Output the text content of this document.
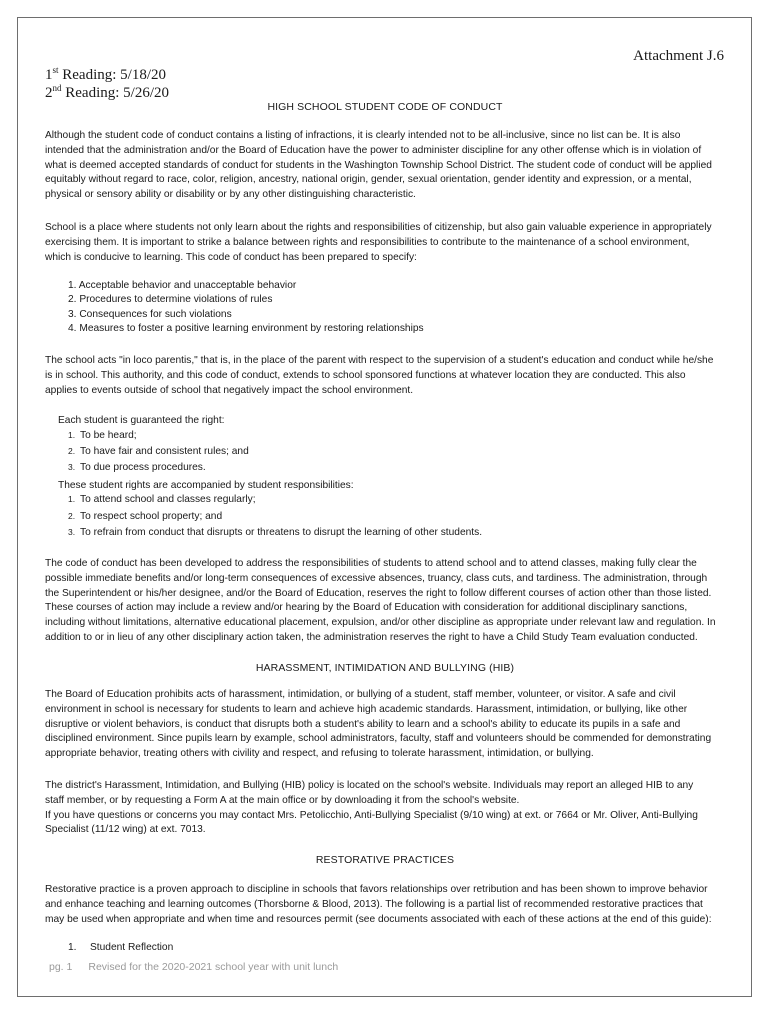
Attachment J.6
1st Reading: 5/18/20
2nd Reading: 5/26/20
HIGH SCHOOL STUDENT CODE OF CONDUCT
Although the student code of conduct contains a listing of infractions, it is clearly intended not to be all-inclusive, since no list can be. It is also
intended that the administration and/or the Board of Education have the power to administer discipline for any other offense which is in violation of
what is deemed accepted standards of conduct for students in the Washington Township School District. The student code of conduct will be applied
equitably without regard to race, color, religion, ancestry, national origin, gender, sexual orientation, gender identity and expression, or a mental,
physical or sensory ability or disability or by any other distinguishing characteristic.
School is a place where students not only learn about the rights and responsibilities of citizenship, but also gain valuable experience in appropriately
exercising them. It is important to strike a balance between rights and responsibilities to contribute to the maintenance of a school environment,
which is conducive to learning. This code of conduct has been prepared to specify:
1. Acceptable behavior and unacceptable behavior
2. Procedures to determine violations of rules
3. Consequences for such violations
4. Measures to foster a positive learning environment by restoring relationships
The school acts "in loco parentis," that is, in the place of the parent with respect to the supervision of a student's education and conduct while he/she
is in school. This authority, and this code of conduct, extends to school sponsored functions at whatever location they are conducted. This also
applies to events outside of school that negatively impact the school environment.
Each student is guaranteed the right:
1. To be heard;
2. To have fair and consistent rules; and
3. To due process procedures.
These student rights are accompanied by student responsibilities:
1. To attend school and classes regularly;
2. To respect school property; and
3. To refrain from conduct that disrupts or threatens to disrupt the learning of other students.
The code of conduct has been developed to address the responsibilities of students to attend school and to attend classes, making fully clear the
possible immediate benefits and/or long-term consequences of excessive absences, truancy, class cuts, and tardiness. The administration, through
the Superintendent or his/her designee, and/or the Board of Education, reserves the right to follow different courses of action other than those listed.
These courses of action may include a review and/or hearing by the Board of Education with consideration for additional disciplinary sanctions,
including without limitations, alternative educational placement, expulsion, and/or other discipline as appropriate under relevant law and regulation. In
addition to or in lieu of any other disciplinary action taken, the administration reserves the right to have a Child Study Team evaluation conducted.
HARASSMENT, INTIMIDATION AND BULLYING (HIB)
The Board of Education prohibits acts of harassment, intimidation, or bullying of a student, staff member, volunteer, or visitor. A safe and civil
environment in school is necessary for students to learn and achieve high academic standards. Harassment, intimidation, or bullying, like other
disruptive or violent behaviors, is conduct that disrupts both a student's ability to learn and a school's ability to educate its pupils in a safe and
disciplined environment. Since pupils learn by example, school administrators, faculty, staff and volunteers should be commended for demonstrating
appropriate behavior, treating others with civility and respect, and refusing to tolerate harassment, intimidation, or bullying.
The district's Harassment, Intimidation, and Bullying (HIB) policy is located on the school's website. Individuals may report an alleged HIB to any
staff member, or by requesting a Form A at the main office or by downloading it from the school's website.
If you have questions or concerns you may contact Mrs. Petolicchio, Anti-Bullying Specialist (9/10 wing) at ext. or 7664 or Mr. Oliver, Anti-Bullying
Specialist (11/12 wing) at ext. 7013.
RESTORATIVE PRACTICES
Restorative practice is a proven approach to discipline in schools that favors relationships over retribution and has been shown to improve behavior
and enhance teaching and learning outcomes (Thorsborne & Blood, 2013). The following is a partial list of recommended restorative practices that
may be used when appropriate and when time and resources permit (see documents associated with each of these actions at the end of this guide):
1. Student Reflection
pg. 1 Revised for the 2020-2021 school year with unit lunch
